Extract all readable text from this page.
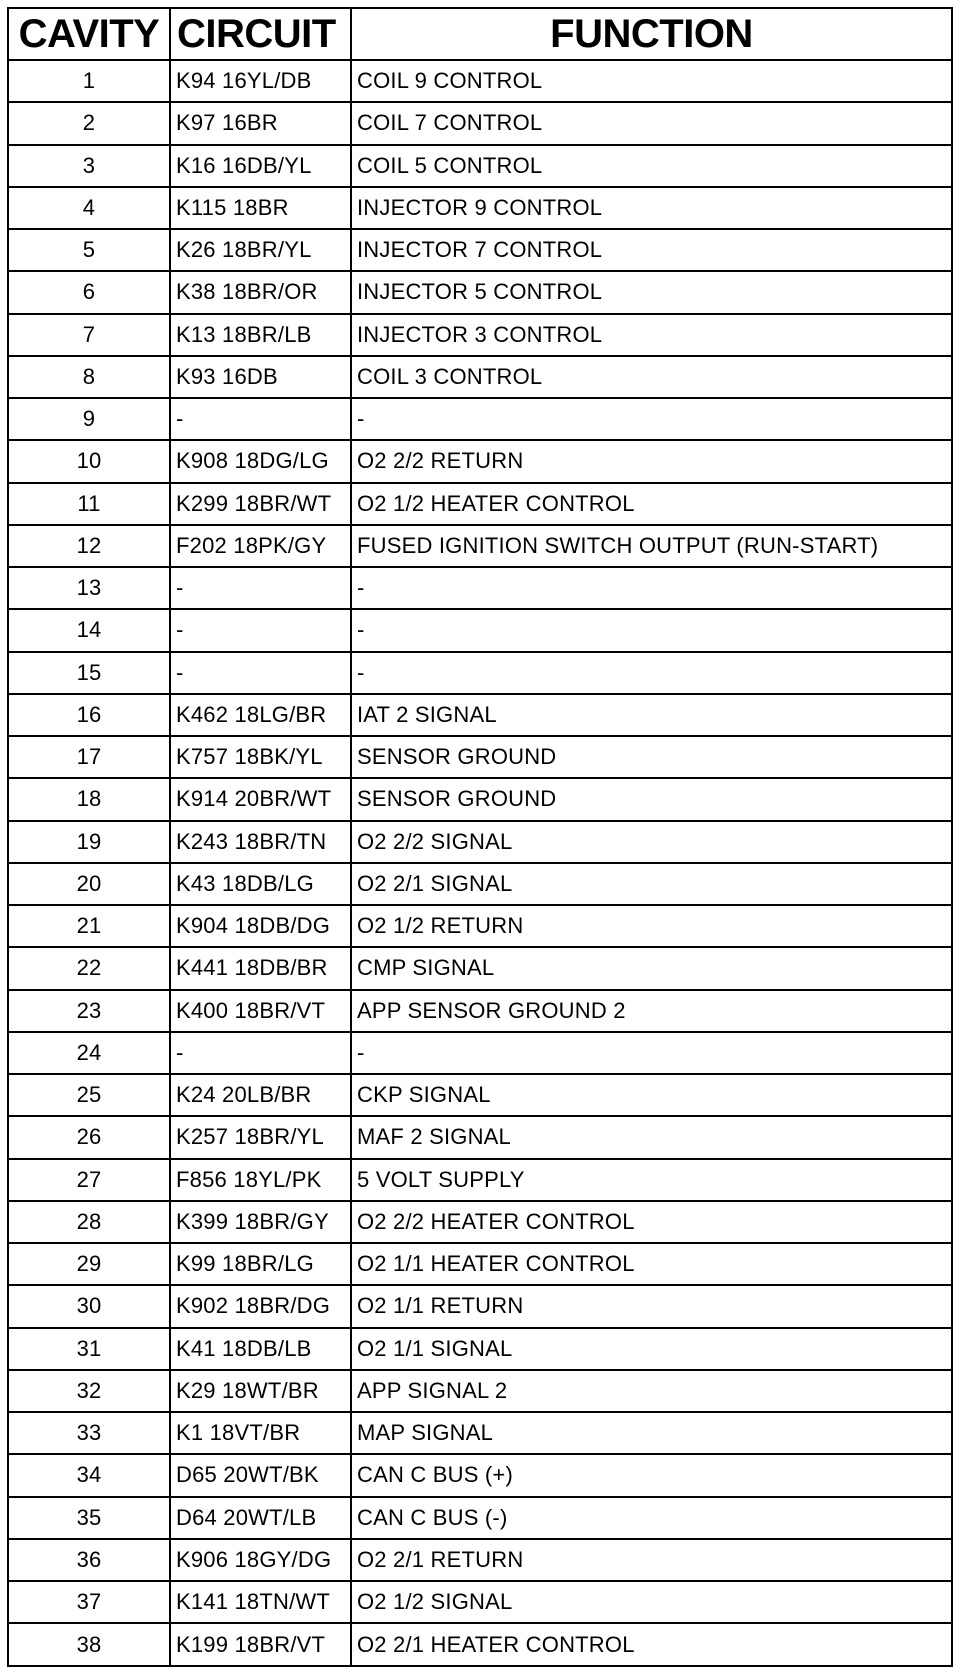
CAVITY	CIRCUIT	FUNCTION
1	K94 16YL/DB	COIL 9 CONTROL
2	K97 16BR	COIL 7 CONTROL
3	K16 16DB/YL	COIL 5 CONTROL
4	K115 18BR	INJECTOR 9 CONTROL
5	K26 18BR/YL	INJECTOR 7 CONTROL
6	K38 18BR/OR	INJECTOR 5 CONTROL
7	K13 18BR/LB	INJECTOR 3 CONTROL
8	K93 16DB	COIL 3 CONTROL
9	-	-
10	K908 18DG/LG	O2 2/2 RETURN
11	K299 18BR/WT	O2 1/2 HEATER CONTROL
12	F202 18PK/GY	FUSED IGNITION SWITCH OUTPUT (RUN-START)
13	-	-
14	-	-
15	-	-
16	K462 18LG/BR	IAT 2 SIGNAL
17	K757 18BK/YL	SENSOR GROUND
18	K914 20BR/WT	SENSOR GROUND
19	K243 18BR/TN	O2 2/2 SIGNAL
20	K43 18DB/LG	O2 2/1 SIGNAL
21	K904 18DB/DG	O2 1/2 RETURN
22	K441 18DB/BR	CMP SIGNAL
23	K400 18BR/VT	APP SENSOR GROUND 2
24	-	-
25	K24 20LB/BR	CKP SIGNAL
26	K257 18BR/YL	MAF 2 SIGNAL
27	F856 18YL/PK	5 VOLT SUPPLY
28	K399 18BR/GY	O2 2/2 HEATER CONTROL
29	K99 18BR/LG	O2 1/1 HEATER CONTROL
30	K902 18BR/DG	O2 1/1 RETURN
31	K41 18DB/LB	O2 1/1 SIGNAL
32	K29 18WT/BR	APP SIGNAL 2
33	K1 18VT/BR	MAP SIGNAL
34	D65 20WT/BK	CAN C BUS (+)
35	D64 20WT/LB	CAN C BUS (-)
36	K906 18GY/DG	O2 2/1 RETURN
37	K141 18TN/WT	O2 1/2 SIGNAL
38	K199 18BR/VT	O2 2/1 HEATER CONTROL
